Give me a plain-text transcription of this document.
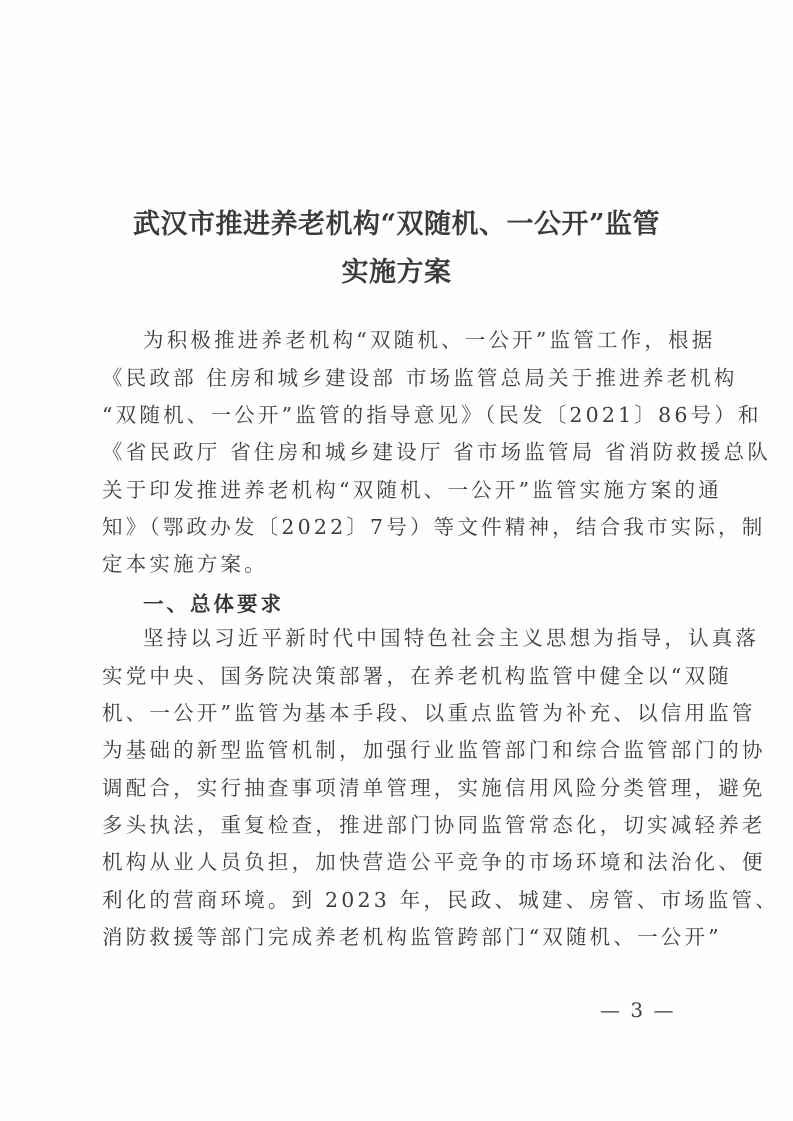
武汉市推进养老机构“双随机、一公开”监管
实施方案
为积极推进养老机构“双随机、一公开”监管工作，根据
《民政部 住房和城乡建设部 市场监管总局关于推进养老机构
“双随机、一公开”监管的指导意见》（民发〔2021〕86号）和
《省民政厅 省住房和城乡建设厅 省市场监管局 省消防救援总队
关于印发推进养老机构“双随机、一公开”监管实施方案的通
知》（鄂政办发〔2022〕7号）等文件精神，结合我市实际，制
定本实施方案。
一、总体要求
坚持以习近平新时代中国特色社会主义思想为指导，认真落
实党中央、国务院决策部署，在养老机构监管中健全以“双随
机、一公开”监管为基本手段、以重点监管为补充、以信用监管
为基础的新型监管机制，加强行业监管部门和综合监管部门的协
调配合，实行抽查事项清单管理，实施信用风险分类管理，避免
多头执法，重复检查，推进部门协同监管常态化，切实减轻养老
机构从业人员负担，加快营造公平竞争的市场环境和法治化、便
利化的营商环境。到 2023 年，民政、城建、房管、市场监管、
消防救援等部门完成养老机构监管跨部门“双随机、一公开”
— 3 —
